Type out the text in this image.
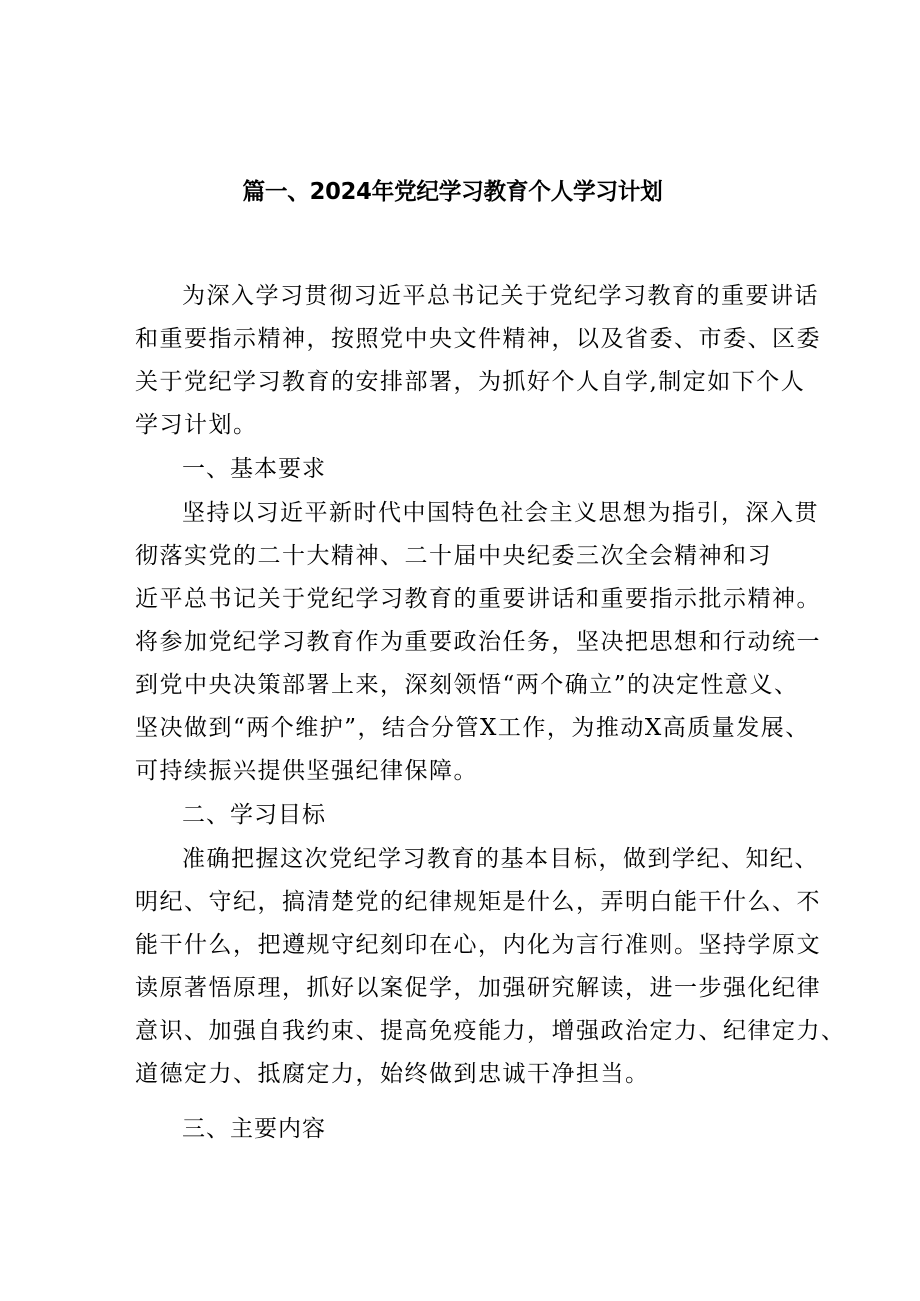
篇一、2024年党纪学习教育个人学习计划
为深入学习贯彻习近平总书记关于党纪学习教育的重要讲话
和重要指示精神，按照党中央文件精神，以及省委、市委、区委
关于党纪学习教育的安排部署，为抓好个人自学,制定如下个人
学习计划。
一、基本要求
坚持以习近平新时代中国特色社会主义思想为指引，深入贯
彻落实党的二十大精神、二十届中央纪委三次全会精神和习
近平总书记关于党纪学习教育的重要讲话和重要指示批示精神。
将参加党纪学习教育作为重要政治任务，坚决把思想和行动统一
到党中央决策部署上来，深刻领悟“两个确立”的决定性意义、
坚决做到“两个维护”，结合分管X工作，为推动X高质量发展、
可持续振兴提供坚强纪律保障。
二、学习目标
准确把握这次党纪学习教育的基本目标，做到学纪、知纪、
明纪、守纪，搞清楚党的纪律规矩是什么，弄明白能干什么、不
能干什么，把遵规守纪刻印在心，内化为言行准则。坚持学原文
读原著悟原理，抓好以案促学，加强研究解读，进一步强化纪律
意识、加强自我约束、提高免疫能力，增强政治定力、纪律定力、
道德定力、抵腐定力，始终做到忠诚干净担当。
三、主要内容
